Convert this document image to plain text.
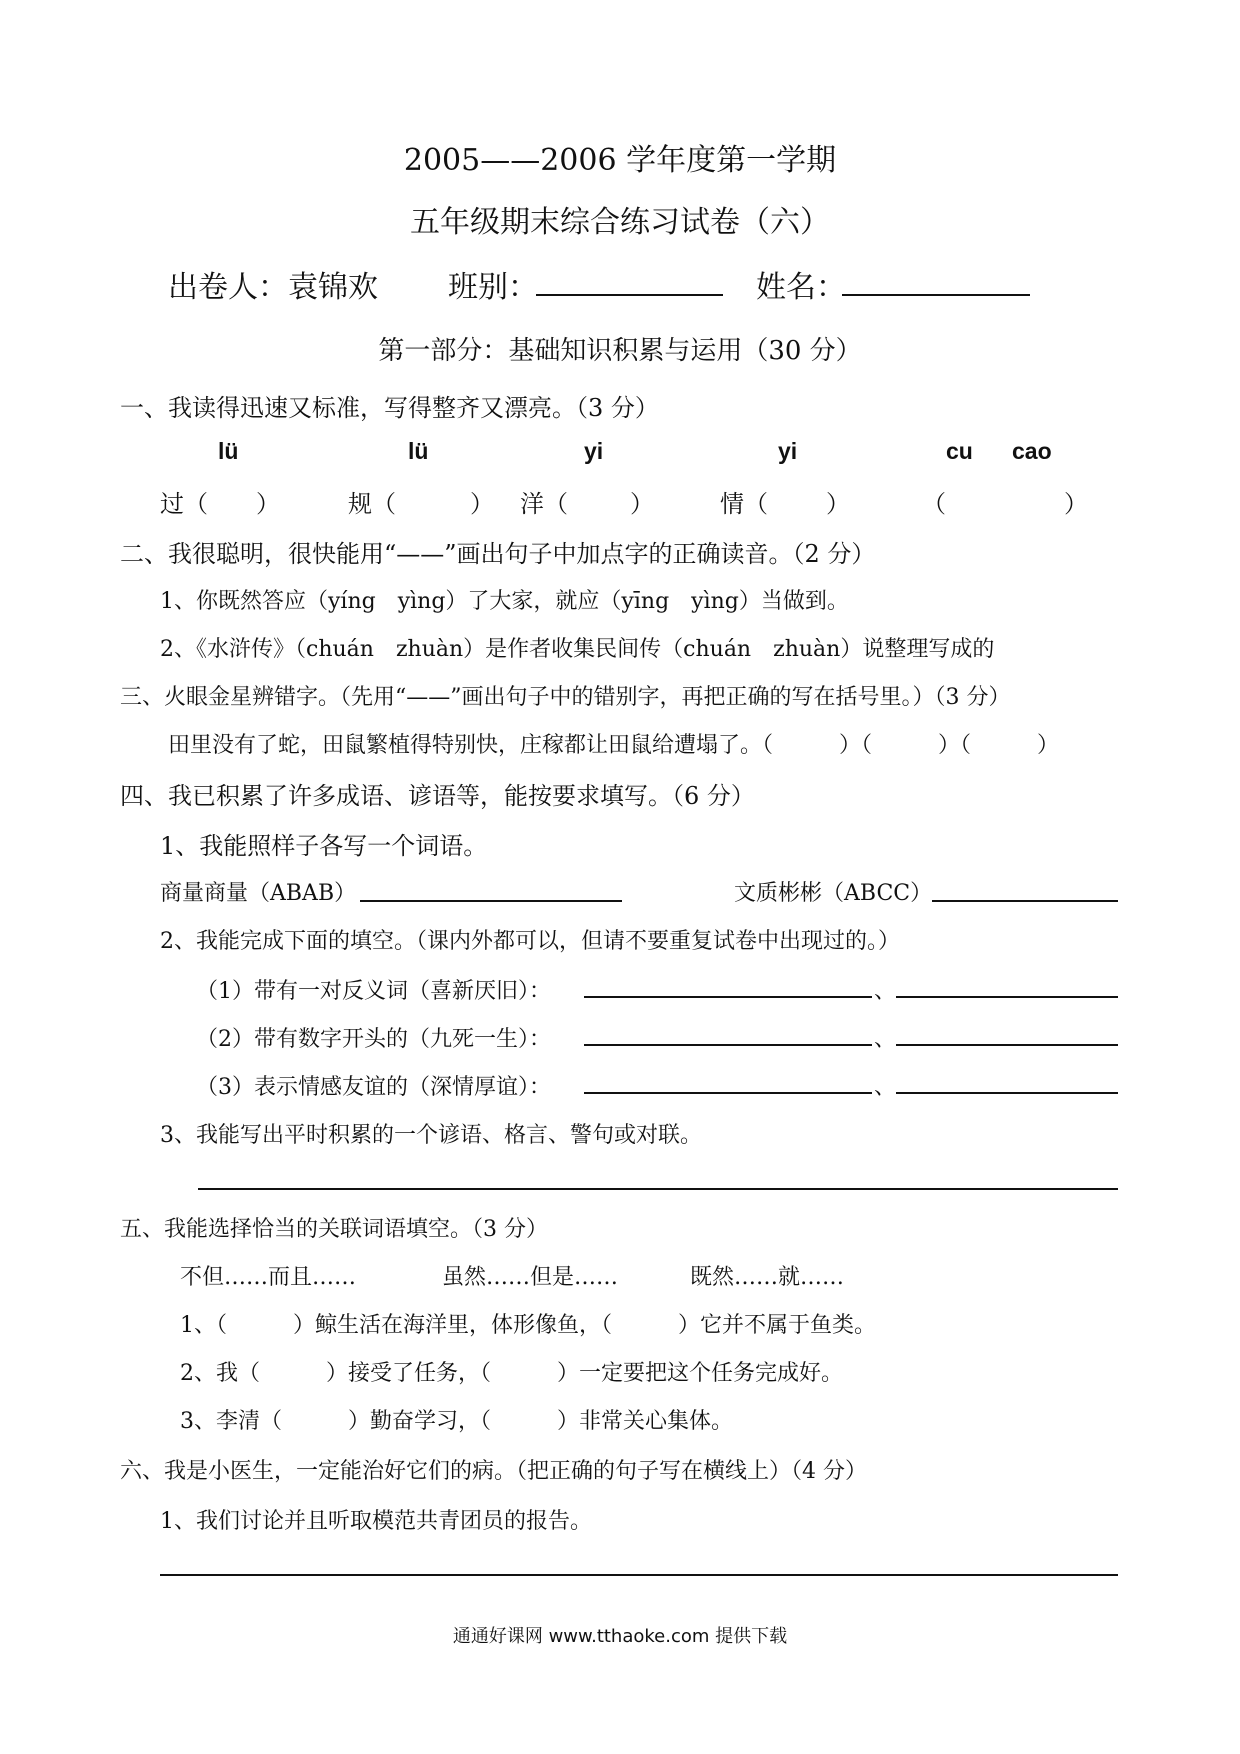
2005——2006 学年度第一学期
五年级期末综合练习试卷（六）
出卷人：袁锦欢 班别：	姓名：
第一部分：基础知识积累与运用（30 分）
一、我读得迅速又标准，写得整齐又漂亮。（3 分）
lü	lü	yi	yi	cu cao
过（ ）	规（	） 洋（	）	情（ ）	（	）
二、我很聪明，很快能用“——”画出句子中加点字的正确读音。（2 分）
1、你既然答应（yíng　yìng）了大家，就应（yīng　yìng）当做到。
2、《水浒传》（chuán　zhuàn）是作者收集民间传（chuán　zhuàn）说整理写成的
三、火眼金星辨错字。（先用“——”画出句子中的错别字，再把正确的写在括号里。）（3 分）
田里没有了蛇，田鼠繁植得特别快，庄稼都让田鼠给遭塌了。（　　　）（　　　）（　　　）
四、我已积累了许多成语、谚语等，能按要求填写。（6 分）
1、我能照样子各写一个词语。
商量商量（ABAB）	文质彬彬（ABCC）
2、我能完成下面的填空。（课内外都可以，但请不要重复试卷中出现过的。）
（1）带有一对反义词（喜新厌旧）：	、
（2）带有数字开头的（九死一生）：	、
（3）表示情感友谊的（深情厚谊）：	、
3、我能写出平时积累的一个谚语、格言、警句或对联。
五、我能选择恰当的关联词语填空。（3 分）
不但……而且……	虽然……但是……	既然……就……
1、（　　　）鲸生活在海洋里，体形像鱼，（　　　）它并不属于鱼类。
2、我（　　　）接受了任务，（　　　）一定要把这个任务完成好。
3、李清（　　　）勤奋学习，（　　　）非常关心集体。
六、我是小医生，一定能治好它们的病。（把正确的句子写在横线上）（4 分）
1、我们讨论并且听取模范共青团员的报告。
通通好课网 www.tthaoke.com 提供下载
